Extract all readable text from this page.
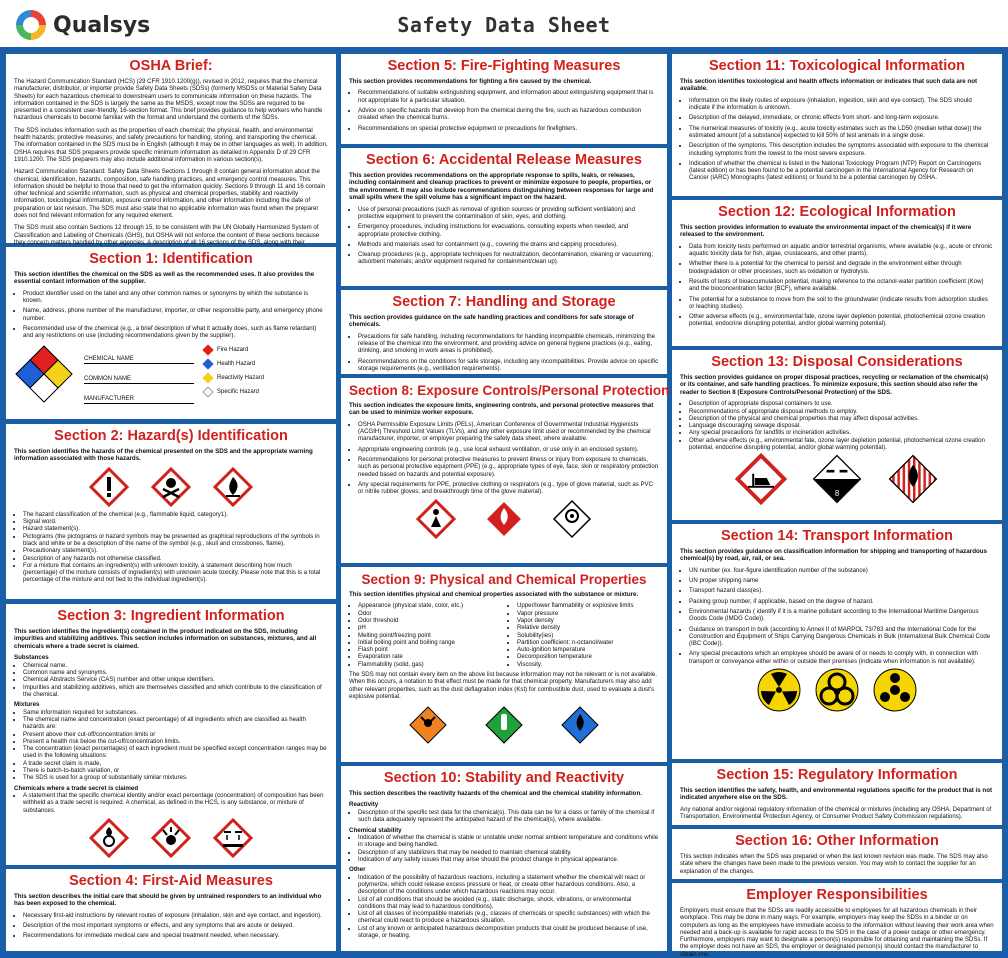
Qualsys	Safety Data Sheet
OSHA Brief:

The Hazard Communication Standard (HCS) (29 CFR 1910.1200(g)), revised in 2012, requires that the chemical manufacturer, distributor, or importer provide Safety Data Sheets (SDSs) (formerly MSDSs or Material Safety Data Sheets) for each hazardous chemical to downstream users to communicate information on these hazards. The information contained in the SDS is largely the same as the MSDS, except now the SDSs are required to be presented in a consistent user-friendly, 16-section format. This brief provides guidance to help workers who handle hazardous chemicals to become familiar with the format and understand the contents of the SDSs.

The SDS includes information such as the properties of each chemical; the physical, health, and environmental health hazards; protective measures; and safety precautions for handling, storing, and transporting the chemical. The information contained in the SDS must be in English (although it may be in other languages as well). In addition, OSHA requires that SDS preparers provide specific minimum information as detailed in Appendix D of 29 CFR 1910.1200. The SDS preparers may also include additional information in various section(s).

Hazard Communication Standard: Safety Data Sheets Sections 1 through 8 contain general information about the chemical, identification, hazards, composition, safe handling practices, and emergency control measures. This information should be helpful to those that need to get the information quickly. Sections 9 through 11 and 16 contain other technical and scientific information, such as physical and chemical properties, stability and reactivity information, toxicological information, exposure control information, and other information including the date of preparation or last revision. The SDS must also state that no applicable information was found when the preparer does not find relevant information for any required element.

The SDS must also contain Sections 12 through 15, to be consistent with the UN Globally Harmonized System of Classification and Labeling of Chemicals (GHS), but OSHA will not enforce the content of these sections because they concern matters handled by other agencies. A description of all 16 sections of the SDS, along with their

Section 1: Identification

This section identifies the chemical on the SDS as well as the recommended uses. It also provides the essential contact information of the supplier.

• Product identifier used on the label and any other common names or synonyms by which the substance is known.
• Name, address, phone number of the manufacturer, importer, or other responsible party, and emergency phone number.
• Recommended use of the chemical (e.g., a brief description of what it actually does, such as flame retardant) and any restrictions on use (including recommendations given by the supplier).
CHEMICAL NAME
COMMON NAME
MANUFACTURER
Fire Hazard
Health Hazard
Reactivity Hazard
Specific Hazard
Section 2: Hazard(s) Identification

This section identifies the hazards of the chemical presented on the SDS and the appropriate warning information associated with those hazards.

• The hazard classification of the chemical (e.g., flammable liquid, category1).
• Signal word.
• Hazard statement(s).
• Pictograms (the pictograms or hazard symbols may be presented as graphical reproductions of the symbols in black and white or be a description of the name of the symbol (e.g., skull and crossbones, flame).
• Precautionary statement(s).
• Description of any hazards not otherwise classified.
• For a mixture that contains an ingredient(s) with unknown toxicity, a statement describing how much (percentage) of the mixture consists of ingredient(s) with unknown acute toxicity. Please note that this is a total percentage of the mixture and not tied to the individual ingredient(s).
Section 3: Ingredient Information

This section identifies the ingredient(s) contained in the product indicated on the SDS, including impurities and stabilizing additives. This section includes information on substances, mixtures, and all chemicals where a trade secret is claimed.

Substances
• Chemical name.
• Common name and synonyms.
• Chemical Abstracts Service (CAS) number and other unique identifiers.
• Impurities and stabilizing additives, which are themselves classified and which contribute to the classification of the chemical.
Mixtures
• Same information required for substances.
• The chemical name and concentration (exact percentage) of all ingredients which are classified as health hazards are:
• Present above their cut-off/concentration limits or
• Present a health risk below the cut-off/concentration limits.
• The concentration (exact percentages) of each ingredient must be specified except concentration ranges may be used in the following situations:
• A trade secret claim is made,
• There is batch-to-batch variation, or
• The SDS is used for a group of substantially similar mixtures.
Chemicals where a trade secret is claimed
• A statement that the specific chemical identity and/or exact percentage (concentration) of composition has been withheld as a trade secret is required. A chemical, as defined in the HCS, is any substance, or mixture of substances.
Section 4: First-Aid Measures

This section describes the initial care that should be given by untrained responders to an individual who has been exposed to the chemical.

• Necessary first-aid instructions by relevant routes of exposure (inhalation, skin and eye contact, and ingestion).
• Description of the most important symptoms or effects, and any symptoms that are acute or delayed.
• Recommendations for immediate medical care and special treatment needed, when necessary.
Section 5: Fire-Fighting Measures

This section provides recommendations for fighting a fire caused by the chemical.

• Recommendations of suitable extinguishing equipment, and information about extinguishing equipment that is not appropriate for a particular situation.
• Advice on specific hazards that develop from the chemical during the fire, such as hazardous combustion created when the chemical burns.
• Recommendations on special protective equipment or precautions for firefighters.
Section 6: Accidental Release Measures

This section provides recommendations on the appropriate response to spills, leaks, or releases, including containment and cleanup practices to prevent or minimize exposure to people, properties, or the environment. It may also include recommendations distinguishing between responses for large and small spills where the spill volume has a significant impact on the hazard.

• Use of personal precautions (such as removal of ignition sources or providing sufficient ventilation) and protective equipment to prevent the contamination of skin, eyes, and clothing.
• Emergency procedures, including instructions for evacuations, consulting experts when needed, and appropriate protective clothing.
• Methods and materials used for containment (e.g., covering the drains and capping procedures).
• Cleanup procedures (e.g., appropriate techniques for neutralization, decontamination, cleaning or vacuuming; adsorbent materials; and/or equipment required for containment/clean up).
Section 7: Handling and Storage

This section provides guidance on the safe handling practices and conditions for safe storage of chemicals.

• Precautions for safe handling, including recommendations for handling incompatible chemicals, minimizing the release of the chemical into the environment, and providing advice on general hygiene practices (e.g., eating, drinking, and smoking in work areas is prohibited).
• Recommendations on the conditions for safe storage, including any incompatibilities. Provide advice on specific storage requirements (e.g., ventilation requirements).
Section 8: Exposure Controls/Personal Protection

This section indicates the exposure limits, engineering controls, and personal protective measures that can be used to minimize worker exposure.

• OSHA Permissible Exposure Limits (PELs), American Conference of Governmental Industrial Hygienists (ACGIH) Threshold Limit Values (TLVs), and any other exposure limit used or recommended by the chemical manufacturer, importer, or employer preparing the safety data sheet, where available.
• Appropriate engineering controls (e.g., use local exhaust ventilation, or use only in an enclosed system).
• Recommendations for personal protective measures to prevent illness or injury from exposure to chemicals, such as personal protective equipment (PPE) (e.g., appropriate types of eye, face, skin or respiratory protection needed based on hazards and potential exposure).
• Any special requirements for PPE, protective clothing or respirators (e.g., type of glove material, such as PVC or nitrile rubber gloves; and breakthrough time of the glove material).
Section 9: Physical and Chemical Properties

This section identifies physical and chemical properties associated with the substance or mixture.

• Appearance (physical state, color, etc.)
• Odor
• Odor threshold
• pH
• Melting point/freezing point
• Initial boiling point and boiling range
• Flash point
• Evaporation rate
• Flammability (solid, gas)
• Upper/lower flammability or explosive limits
• Vapor pressure
• Vapor density
• Relative density
• Solubility(ies)
• Partition coefficient: n-octanol/water
• Auto-ignition temperature
• Decomposition temperature
• Viscosity.

The SDS may not contain every item on the above list because information may not be relevant or is not available. When this occurs, a notation to that effect must be made for that chemical property. Manufacturers may also add other relevant properties, such as the dust deflagration index (Kst) for combustible dust, used to evaluate a dust's explosive potential.

Section 10: Stability and Reactivity

This section describes the reactivity hazards of the chemical and the chemical stability information.

Reactivity
• Description of the specific test data for the chemical(s). This data can be for a class or family of the chemical if such data adequately represent the anticipated hazard of the chemical(s), where available.
Chemical stability
• Indication of whether the chemical is stable or unstable under normal ambient temperature and conditions while in storage and being handled.
• Description of any stabilizers that may be needed to maintain chemical stability.
• Indication of any safety issues that may arise should the product change in physical appearance.
Other
• Indication of the possibility of hazardous reactions, including a statement whether the chemical will react or polymerize, which could release excess pressure or heat, or create other hazardous conditions. Also, a description of the conditions under which hazardous reactions may occur.
• List of all conditions that should be avoided (e.g., static discharge, shock, vibrations, or environmental conditions that may lead to hazardous conditions).
• List of all classes of incompatible materials (e.g., classes of chemicals or specific substances) with which the chemical could react to produce a hazardous situation.
• List of any known or anticipated hazardous decomposition products that could be produced because of use, storage, or heating.
Section 11: Toxicological Information

This section identifies toxicological and health effects information or indicates that such data are not available.

• Information on the likely routes of exposure (inhalation, ingestion, skin and eye contact). The SDS should indicate if the information is unknown.
• Description of the delayed, immediate, or chronic effects from short- and long-term exposure.
• The numerical measures of toxicity (e.g., acute toxicity estimates such as the LD50 (median lethal dose)) the estimated amount [of a substance] expected to kill 50% of test animals in a single dose.
• Description of the symptoms. This description includes the symptoms associated with exposure to the chemical including symptoms from the lowest to the most severe exposure.
• Indication of whether the chemical is listed in the National Toxicology Program (NTP) Report on Carcinogens (latest edition) or has been found to be a potential carcinogen in the International Agency for Research on Cancer (IARC) Monographs (latest editions) or found to be a potential carcinogen by OSHA.
Section 12: Ecological Information

This section provides information to evaluate the environmental impact of the chemical(s) if it were released to the environment.

• Data from toxicity tests performed on aquatic and/or terrestrial organisms, where available (e.g., acute or chronic aquatic toxicity data for fish, algae, crustaceans, and other plants).
• Whether there is a potential for the chemical to persist and degrade in the environment either through biodegradation or other processes, such as oxidation or hydrolysis.
• Results of tests of bioaccumulation potential, making reference to the octanol-water partition coefficient (Kow) and the bioconcentration factor (BCF), where available.
• The potential for a substance to move from the soil to the groundwater (indicate results from adsorption studies or leaching studies).
• Other adverse effects (e.g., environmental fate, ozone layer depletion potential, photochemical ozone creation potential, endocrine disrupting potential, and/or global warming potential).
Section 13: Disposal Considerations

This section provides guidance on proper disposal practices, recycling or reclamation of the chemical(s) or its container, and safe handling practices. To minimize exposure, this section should also refer the reader to Section 8 (Exposure Controls/Personal Protection) of the SDS.

• Description of appropriate disposal containers to use.
• Recommendations of appropriate disposal methods to employ.
• Description of the physical and chemical properties that may affect disposal activities.
• Language discouraging sewage disposal.
• Any special precautions for landfills or incineration activities.
• Other adverse effects (e.g., environmental fate, ozone layer depletion potential, photochemical ozone creation potential, endocrine disrupting potential, and/or global warming potential).
8
Section 14: Transport Information

This section provides guidance on classification information for shipping and transporting of hazardous chemical(s) by road, air, rail, or sea.

• UN number (ex. four-figure identification number of the substance)
• UN proper shipping name
• Transport hazard class(es).
• Packing group number, if applicable, based on the degree of hazard.
• Environmental hazards ( identify if it is a marine pollutant according to the International Maritime Dangerous Goods Code (IMDG Code)).
• Guidance on transport in bulk (according to Annex II of MARPOL 73/783 and the International Code for the Construction and Equipment of Ships Carrying Dangerous Chemicals in Bulk (International Bulk Chemical Code (IBC Code)).
• Any special precautions which an employee should be aware of or needs to comply with, in connection with transport or conveyance either within or outside their premises (indicate when information is not available).
Section 15: Regulatory Information

This section identifies the safety, health, and environmental regulations specific for the product that is not indicated anywhere else on the SDS.

Any national and/or regional regulatory information of the chemical or mixtures (including any OSHA, Department of Transportation, Environmental Protection Agency, or Consumer Product Safety Commission regulations).

Section 16: Other Information

This section indicates when the SDS was prepared or when the last known revision was made. The SDS may also state where the changes have been made to the previous version. You may wish to contact the supplier for an explanation of the changes.

Employer Responsibilities

Employers must ensure that the SDSs are readily accessible to employees for all hazardous chemicals in their workplace. This may be done in many ways. For example, employers may keep the SDSs in a binder or on computers as long as the employees have immediate access to the information without leaving their work area when needed and a back-up is available for rapid access to the SDS in the case of a power outage or other emergency. Furthermore, employers may want to designate a person(s) responsible for obtaining and maintaining the SDSs. If the employer does not have an SDS, the employer or designated person(s) should contact the manufacturer to obtain one.
